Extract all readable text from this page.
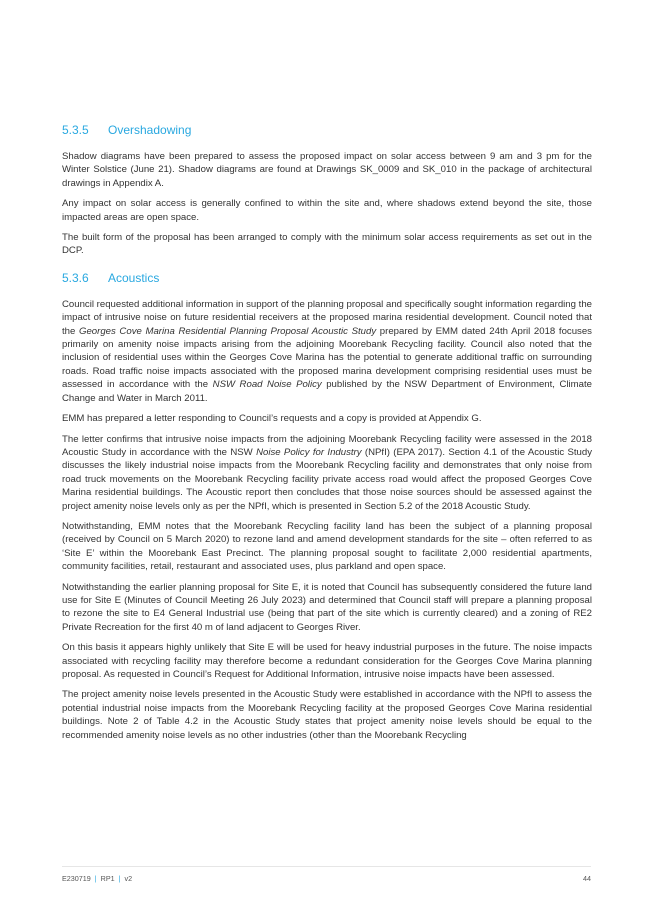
5.3.5 Overshadowing

Shadow diagrams have been prepared to assess the proposed impact on solar access between 9 am and 3 pm for the Winter Solstice (June 21). Shadow diagrams are found at Drawings SK_0009 and SK_010 in the package of architectural drawings in Appendix A.

Any impact on solar access is generally confined to within the site and, where shadows extend beyond the site, those impacted areas are open space.

The built form of the proposal has been arranged to comply with the minimum solar access requirements as set out in the DCP.

5.3.6 Acoustics

Council requested additional information in support of the planning proposal and specifically sought information regarding the impact of intrusive noise on future residential receivers at the proposed marina residential development. Council noted that the Georges Cove Marina Residential Planning Proposal Acoustic Study prepared by EMM dated 24th April 2018 focuses primarily on amenity noise impacts arising from the adjoining Moorebank Recycling facility. Council also noted that the inclusion of residential uses within the Georges Cove Marina has the potential to generate additional traffic on surrounding roads. Road traffic noise impacts associated with the proposed marina development comprising residential uses must be assessed in accordance with the NSW Road Noise Policy published by the NSW Department of Environment, Climate Change and Water in March 2011.

EMM has prepared a letter responding to Council’s requests and a copy is provided at Appendix G.

The letter confirms that intrusive noise impacts from the adjoining Moorebank Recycling facility were assessed in the 2018 Acoustic Study in accordance with the NSW Noise Policy for Industry (NPfI) (EPA 2017). Section 4.1 of the Acoustic Study discusses the likely industrial noise impacts from the Moorebank Recycling facility and demonstrates that only noise from road truck movements on the Moorebank Recycling facility private access road would affect the proposed Georges Cove Marina residential buildings. The Acoustic report then concludes that those noise sources should be assessed against the project amenity noise levels only as per the NPfI, which is presented in Section 5.2 of the 2018 Acoustic Study.

Notwithstanding, EMM notes that the Moorebank Recycling facility land has been the subject of a planning proposal (received by Council on 5 March 2020) to rezone land and amend development standards for the site – often referred to as ‘Site E’ within the Moorebank East Precinct. The planning proposal sought to facilitate 2,000 residential apartments, community facilities, retail, restaurant and associated uses, plus parkland and open space.

Notwithstanding the earlier planning proposal for Site E, it is noted that Council has subsequently considered the future land use for Site E (Minutes of Council Meeting 26 July 2023) and determined that Council staff will prepare a planning proposal to rezone the site to E4 General Industrial use (being that part of the site which is currently cleared) and a zoning of RE2 Private Recreation for the first 40 m of land adjacent to Georges River.

On this basis it appears highly unlikely that Site E will be used for heavy industrial purposes in the future. The noise impacts associated with recycling facility may therefore become a redundant consideration for the Georges Cove Marina planning proposal. As requested in Council’s Request for Additional Information, intrusive noise impacts have been assessed.

The project amenity noise levels presented in the Acoustic Study were established in accordance with the NPfI to assess the potential industrial noise impacts from the Moorebank Recycling facility at the proposed Georges Cove Marina residential buildings. Note 2 of Table 4.2 in the Acoustic Study states that project amenity noise levels should be equal to the recommended amenity noise levels as no other industries (other than the Moorebank Recycling

E230719 | RP1 | v2	44
